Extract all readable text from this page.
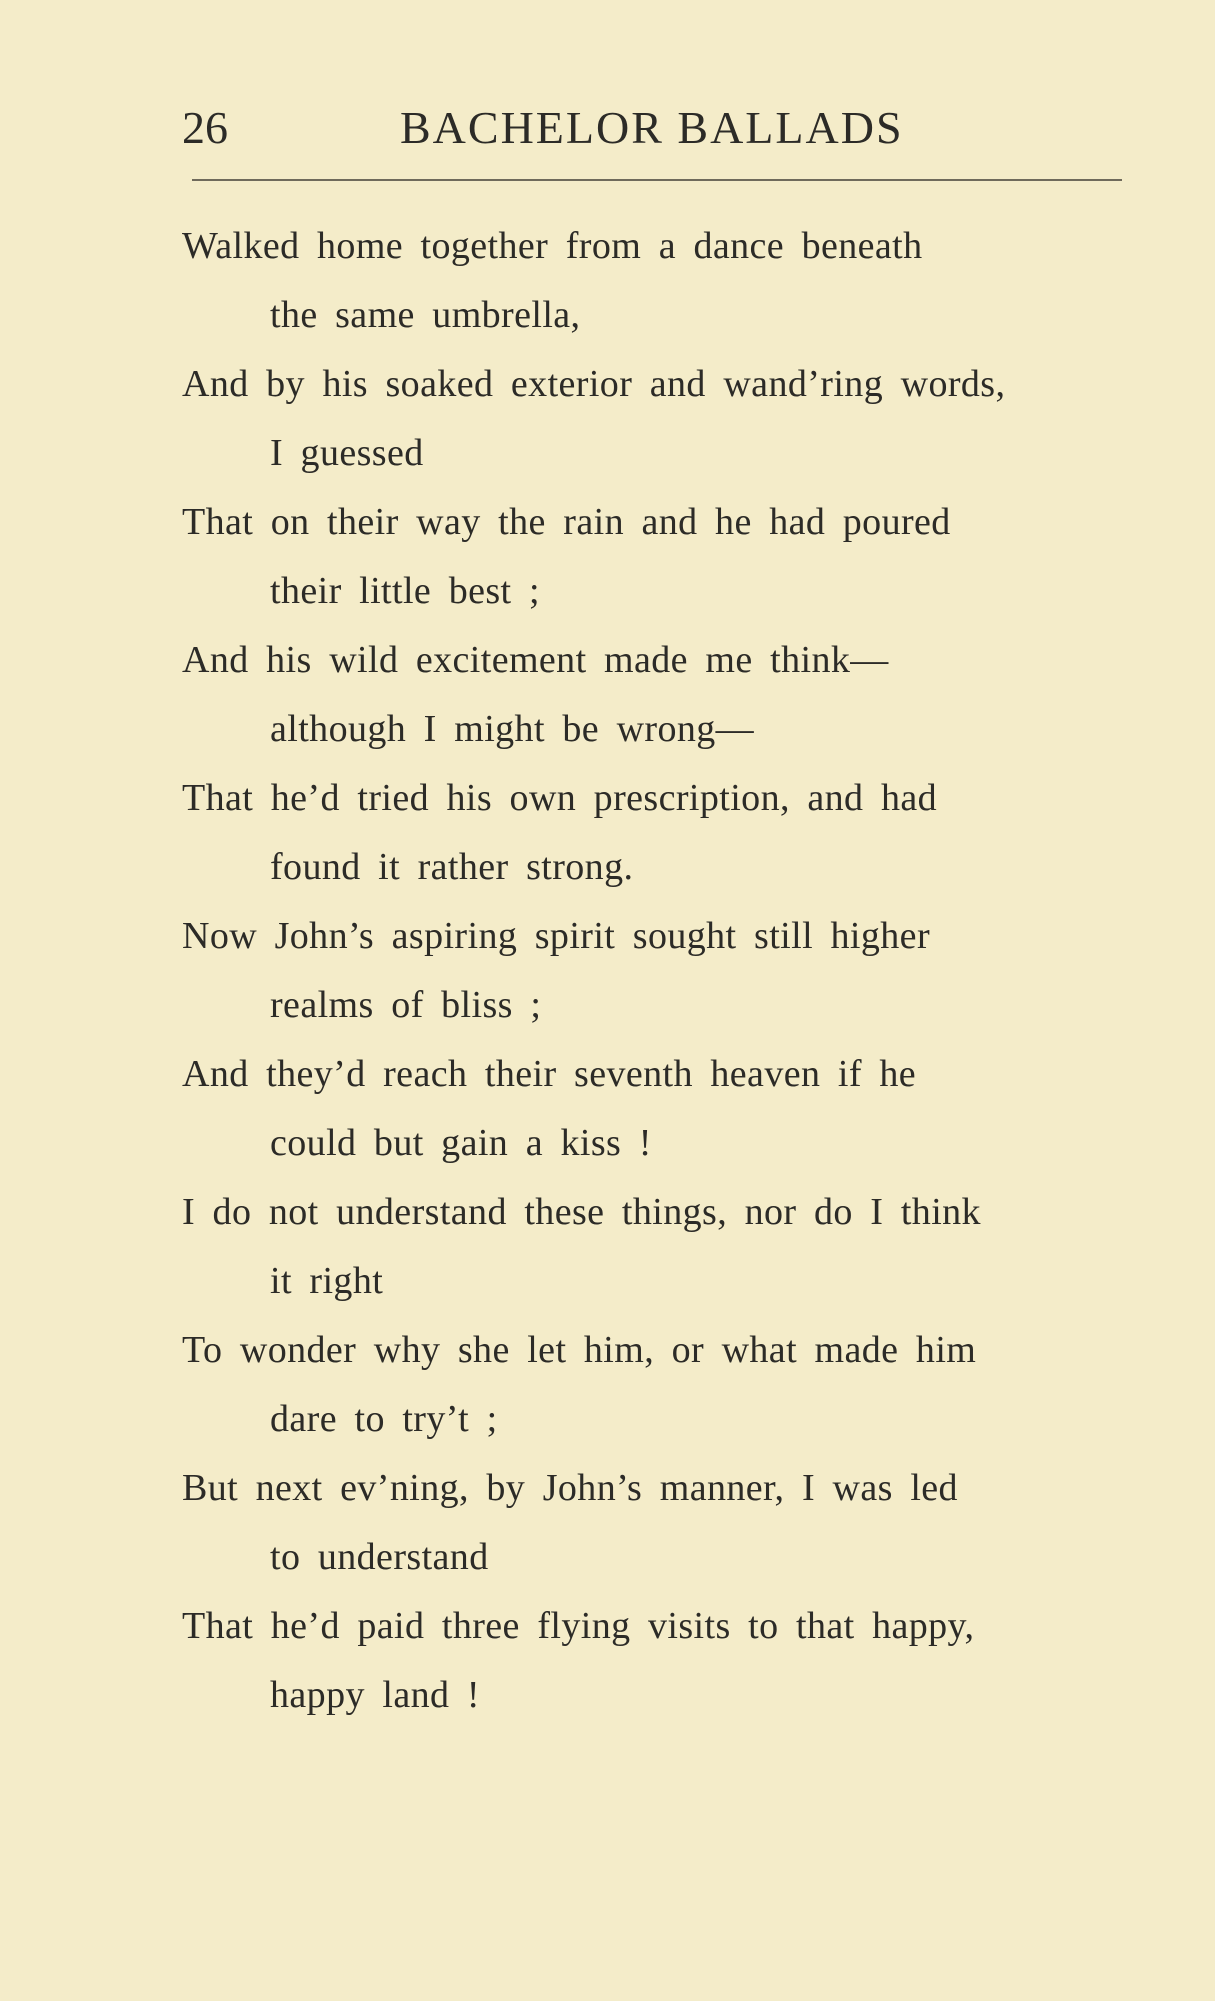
26	BACHELOR BALLADS

Walked home together from a dance beneath

the same umbrella,

And by his soaked exterior and wand’ring words,

I guessed

That on their way the rain and he had poured

their little best ;

And his wild excitement made me think—

although I might be wrong—

That he’d tried his own prescription, and had

found it rather strong.

Now John’s aspiring spirit sought still higher

realms of bliss ;

And they’d reach their seventh heaven if he

could but gain a kiss !

I do not understand these things, nor do I think

it right

To wonder why she let him, or what made him

dare to try’t ;

But next ev’ning, by John’s manner, I was led

to understand

That he’d paid three flying visits to that happy,

happy land !
